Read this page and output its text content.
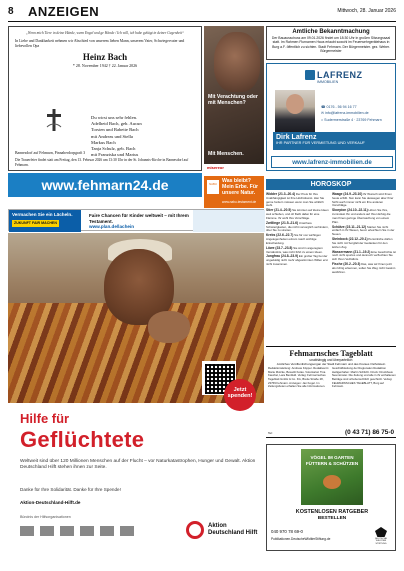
8 ANZEIGEN	Mittwoch, 28. Januar 2026
„Wenn mich Tiere in deine Hände, wenn Engel und ge Hände / Ich will, ich habe gekägt in deiner Gegenheit“
In Liebe und Dankbarkeit nehmen wir Abschied von unserem lieben Mann, unserem Vater, Schwiegervater und liebevollen Opa
Heinz Bach
* 28. November 1942 † 22. Januar 2026
Du wirst uns sehr fehlen.
Adelheid Bach, geb. Aucun
Torsten und Babette Bach
mit Andreas und Stella
Markus Bach
Tanja Schulz, geb. Bach
mit Franziska und Marius
Bannesdorf auf Fehmarn, Pinnaberdorpgraft 3
Die Trauerfeier findet statt am Freitag, den 13. Februar 2026 um 13:30 Uhr in der St. Johannis-Kirche in Bannesdorf auf Fehmarn.
Mit Verachtung oder mit Menschen?
Mit Menschen.
misereor
Amtliche Bekanntmachung
Der Bauausschuss am 09.01.2026 findet um 18:30 Uhr in großen Sitzungssaal statt. Im Rahmen Flurnamen Haus erlaubt sowohl im Feuerwehrgerätehaus in Burg a.F. öffentlich zu sichten. Stadt Fehmarn. Der Bürgermeister. gez. Weber. Bürgermeister
LAFRENZ
IMMOBILIEN
☎ 0176 - 56 94 16 77
✉ info@lafrenz-immobilien.de
⌂ Sudermerstraße 4 · 23769 Fehmarn
Dirk Lafrenz
IHR PARTNER FÜR VERMIETUNG UND VERKAUF
www.lafrenz-immobilien.de
www.fehmarn24.de	NABU Was bleibt? Mein Erbe. Für unsere Natur.
www.nabu-testament.de
Vermachen Sie ein Lächeln.
ZUKUNFT FAIR MACHEN
Faire Chancen für Kinder weltweit – mit Ihrem Testament.
www.plan.de/lachein
Jetzt spenden!
Hilfe für
Geflüchtete
Weltweit sind über 120 Millionen Menschen auf der Flucht – vor Naturkatastrophen, Hunger und Gewalt. Aktion Deutschland Hilft stehen ihnen zur Seite.
Danke für Ihre Solidarität. Danke für Ihre Spende!
Aktion-Deutschland-Hilft.de
Bündnis der Hilfsorganisationen
Aktion Deutschland Hilft
HOROSKOP
Widder (21.3.-20.4) Der Preis für Ihre Unabhängigkeit ist Ihre Höchstkunst. Hier Sie gerne fordern müssen wenn man Sie wirklich sieht.
Stier (21.4.-20.5) Sie könnten auf kleine Ideen weit schieben, und oft fließt dabei für eine Flamme. Ihr wohl Ihre Vorschläge.
Zwillinge (21.5.-21.6) Unsichere Schwierigkeiten, die nicht vorsorglich verhindern, über Sie zu streiten.
Krebs (22.6.-22.7) Sie für von wichtigen Angelegenheiten extrem rasch wichtige Entscheidung.
Löwe (23.7.-23.8) Sie sind in angeregtem Verständnis, was nicht führt zu einem Ideen.
Jungfrau (24.8.-23.9) Ein großer Tag bei der ungeduldig nicht mehr abgestimmten Willen erst nicht zusammen.
Waage (24.9.-23.10) Ihr Wunsch wird Ihnen heute erfüllt. Nun kann Sie deswegen aber Ihrer Sicht auch immer nicht ein Ihre anderen Vorschläge.
Skorpion (24.10.-22.11) Hören Sie Ihre, zumindest Ihn und anders auf Ihren Erfolg die man Ihnen geringe Überraschung von einem Plan.
Schütze (23.11.-21.12) Starten Sie nicht einfach in Ihr Wesen, bevor erleichtern Sie in der Neuen.
Steinbock (22.12.-20.1) Persönliche dürfen Sie nicht mit Sorgfalt der Gedanken für den letzten Zug.
Wassermann (21.1.-19.2) Eine Geschichte ist noch nicht spurlos und dennoch verflochten Sie sich Ihren Verhältnis.
Fische (20.2.-20.3) Das, was wir Ihnen jetzt als richtig erkennen, sollen Sie Weg nicht Gewinn ausführen.
Fehmarnsches Tageblatt
unabhängig und überparteilich
Amtliches Veröffentlichungsorgan der Stadt Fehmarn und des Kreises Ostholstein
Redaktionsleitung: Andreas Köpper. Redakteurin: Marie Mutzke, Bewußt Kotas. Volontariat: Tina Kaschel, Lara Bentfeld. Verlag: Fehmarnsches Tageblatt GmbH & Co. KG, Breite Straße 28, 23769 Fehmarn. Anzeigen: Jan Kogel. Im Zeitungsboten erhalten Sie alle Informationen.
Geschäftsleitung der Regionalen Redaktion Heiligenhafen: Martin Schlicht. Druck: Druckhaus Neumünster. Die Zeitung und alle in ihr enthaltenen Beiträge sind urheberrechtlich geschützt. Verlag: FEHMARNSCHES TAGEBLATT, Burg auf Fehmarn.
Tel:	(0 43 71) 86 75-0
VÖGEL IM GARTEN FÜTTERN & SCHÜTZEN
KOSTENLOSEN RATGEBER
BESTELLEN
040 970 78 69-0
Publikationen.DeutscheWildtierStiftung.de	DEUTSCHE WILDTIER STIFTUNG
